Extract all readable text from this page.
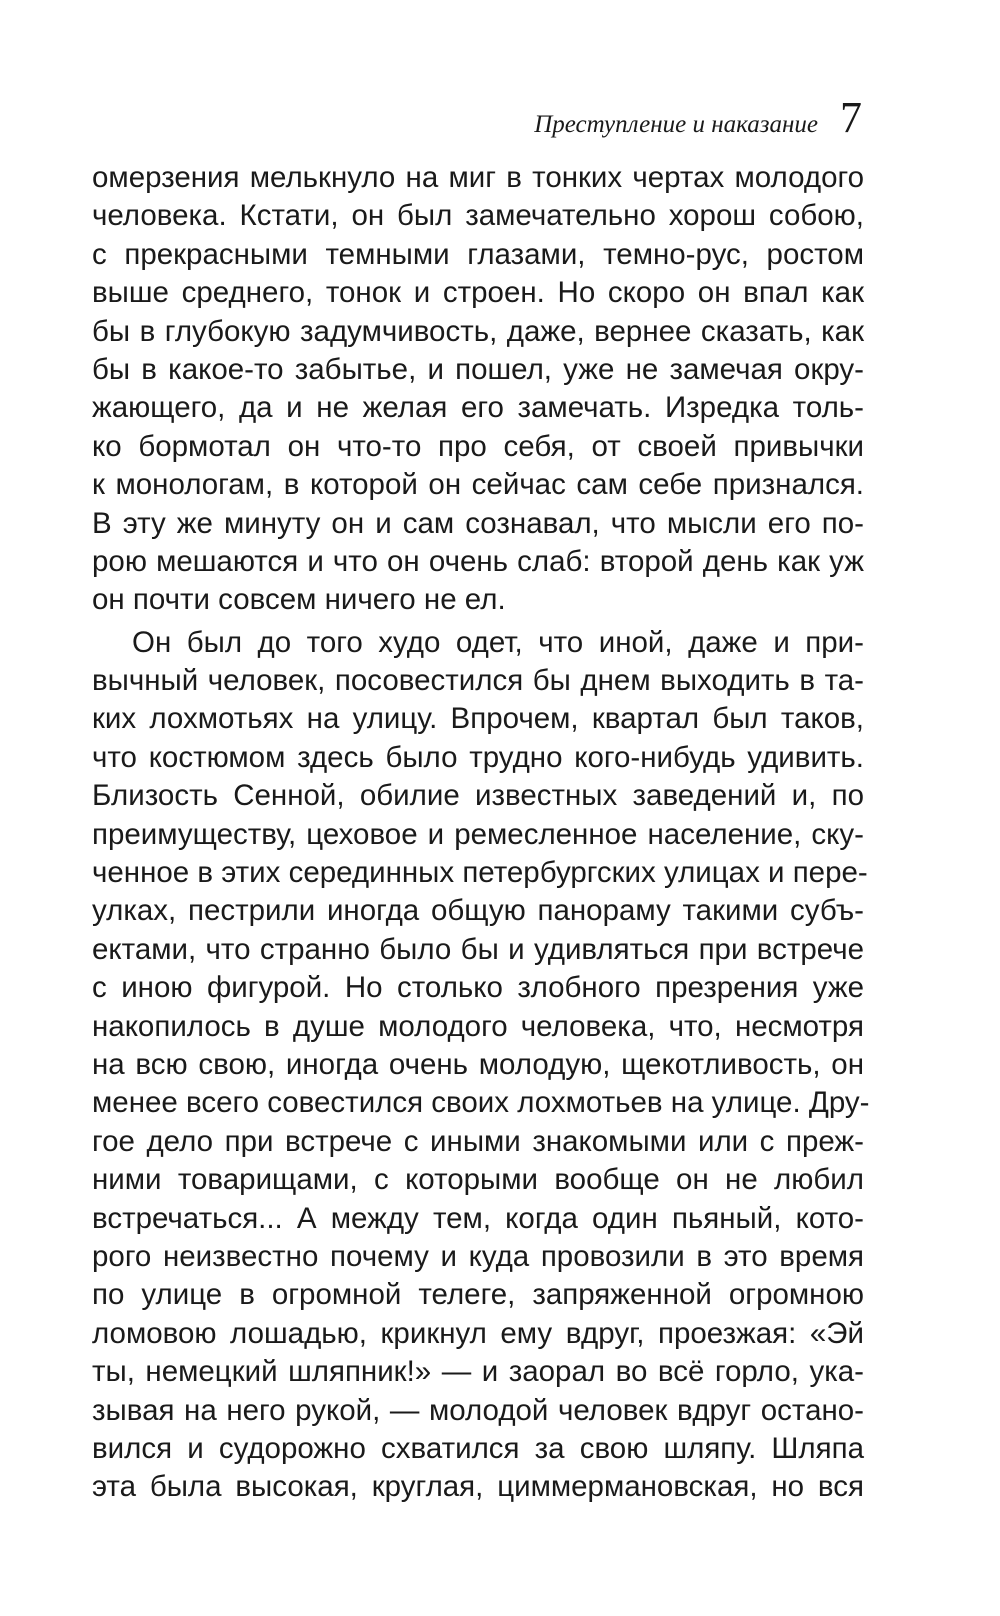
Преступление и наказание 7
омерзения мелькнуло на миг в тонких чертах молодого
человека. Кстати, он был замечательно хорош собою,
с прекрасными темными глазами, темно-рус, ростом
выше среднего, тонок и строен. Но скоро он впал как
бы в глубокую задумчивость, даже, вернее сказать, как
бы в какое-то забытье, и пошел, уже не замечая окру-
жающего, да и не желая его замечать. Изредка толь-
ко бормотал он что-то про себя, от своей привычки
к монологам, в которой он сейчас сам себе признался.
В эту же минуту он и сам сознавал, что мысли его по-
рою мешаются и что он очень слаб: второй день как уж
он почти совсем ничего не ел.
Он был до того худо одет, что иной, даже и при-
вычный человек, посовестился бы днем выходить в та-
ких лохмотьях на улицу. Впрочем, квартал был таков,
что костюмом здесь было трудно кого-нибудь удивить.
Близость Сенной, обилие известных заведений и, по
преимуществу, цеховое и ремесленное население, ску-
ченное в этих серединных петербургских улицах и пере-
улках, пестрили иногда общую панораму такими субъ-
ектами, что странно было бы и удивляться при встрече
с иною фигурой. Но столько злобного презрения уже
накопилось в душе молодого человека, что, несмотря
на всю свою, иногда очень молодую, щекотливость, он
менее всего совестился своих лохмотьев на улице. Дру-
гое дело при встрече с иными знакомыми или с преж-
ними товарищами, с которыми вообще он не любил
встречаться... А между тем, когда один пьяный, кото-
рого неизвестно почему и куда провозили в это время
по улице в огромной телеге, запряженной огромною
ломовою лошадью, крикнул ему вдруг, проезжая: «Эй
ты, немецкий шляпник!» — и заорал во всё горло, ука-
зывая на него рукой, — молодой человек вдруг остано-
вился и судорожно схватился за свою шляпу. Шляпа
эта была высокая, круглая, циммермановская, но вся
